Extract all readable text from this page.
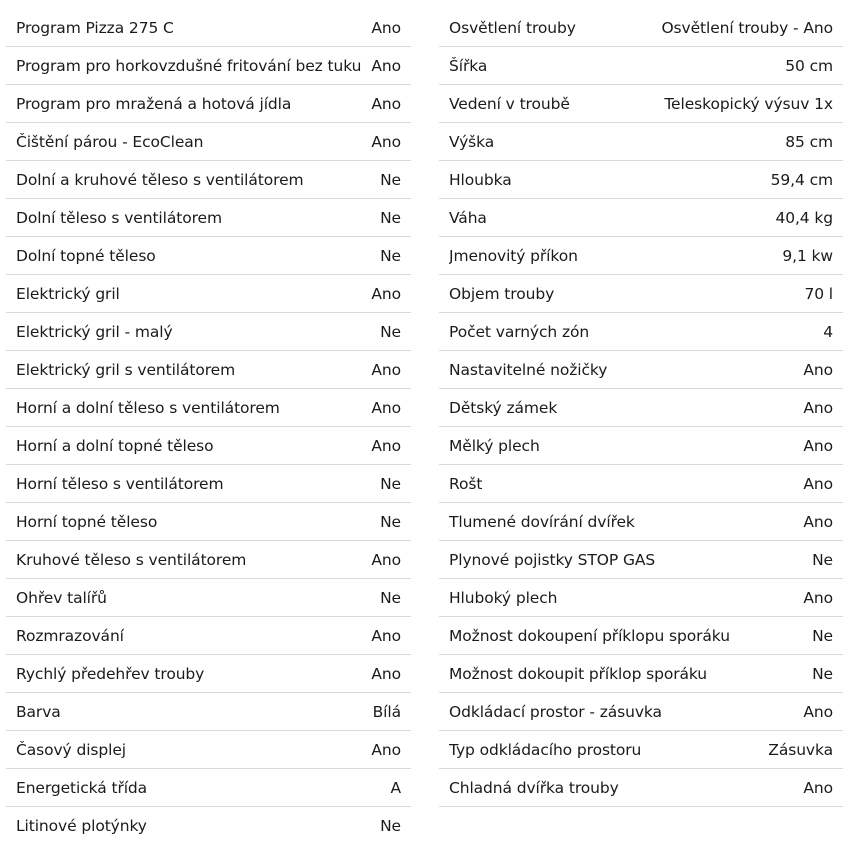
Program Pizza 275 C	Ano
Program pro horkovzdušné fritování bez tuku Ano
Program pro mražená a hotová jídla	Ano
Čištění párou - EcoClean	Ano
Dolní a kruhové těleso s ventilátorem	Ne
Dolní těleso s ventilátorem	Ne
Dolní topné těleso	Ne
Elektrický gril	Ano
Elektrický gril - malý	Ne
Elektrický gril s ventilátorem	Ano
Horní a dolní těleso s ventilátorem	Ano
Horní a dolní topné těleso	Ano
Horní těleso s ventilátorem	Ne
Horní topné těleso	Ne
Kruhové těleso s ventilátorem	Ano
Ohřev talířů	Ne
Rozmrazování	Ano
Rychlý předehřev trouby	Ano
Barva	Bílá
Časový displej	Ano
Energetická třída	A
Litinové plotýnky	Ne
Osvětlení trouby	Osvětlení trouby - Ano
Šířka	50 cm
Vedení v troubě	Teleskopický výsuv 1x
Výška	85 cm
Hloubka	59,4 cm
Váha	40,4 kg
Jmenovitý příkon	9,1 kw
Objem trouby	70 l
Počet varných zón	4
Nastavitelné nožičky	Ano
Dětský zámek	Ano
Mělký plech	Ano
Rošt	Ano
Tlumené dovírání dvířek	Ano
Plynové pojistky STOP GAS	Ne
Hluboký plech	Ano
Možnost dokoupení příklopu sporáku	Ne
Možnost dokoupit příklop sporáku	Ne
Odkládací prostor - zásuvka	Ano
Typ odkládacího prostoru	Zásuvka
Chladná dvířka trouby	Ano
